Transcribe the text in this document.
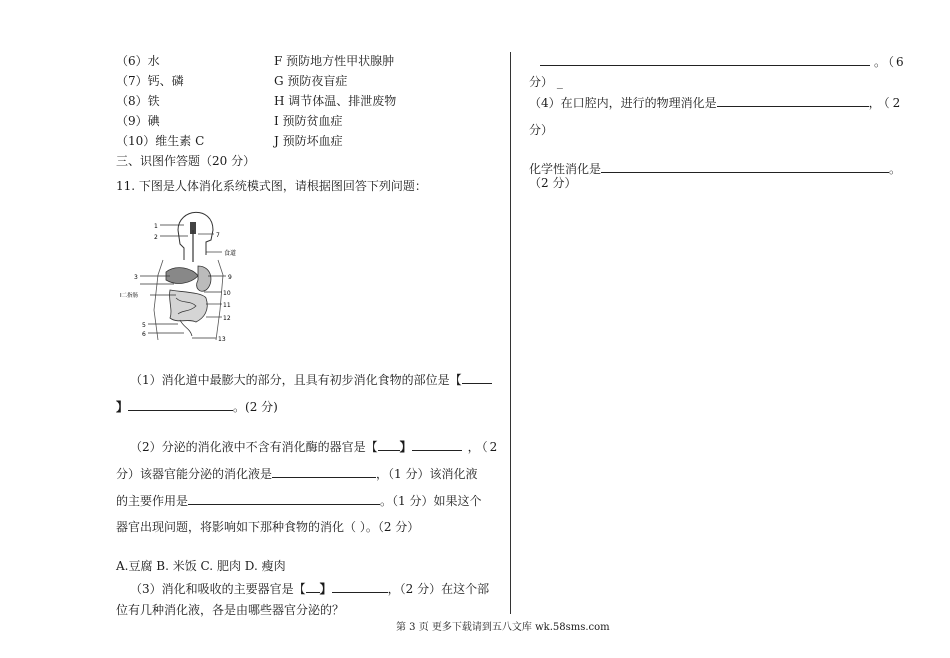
（6）水	F 预防地方性甲状腺肿
（7）钙、磷	G 预防夜盲症
（8）铁	H 调节体温、排泄废物
（9）碘	I 预防贫血症
（10）维生素 C	J 预防坏血症
三、识图作答题（20 分）
11. 下图是人体消化系统模式图，请根据图回答下列问题：
1
2	7
食道
3	9
I二指肠	10
11
12
5
6
13
（1）消化道中最膨大的部分，且具有初步消化食物的部位是【
】	。(2 分)
（2）分泌的消化液中不含有消化酶的器官是【 】	，（2
分）该器官能分泌的消化液是	，（1 分）该消化液
的主要作用是	。（1 分）如果这个
器官出现问题，将影响如下那种食物的消化（ ）。（2 分）
A.豆腐 B. 米饭 C. 肥肉 D. 瘦肉
（3）消化和吸收的主要器官是【 】	，（2 分）在这个部
位有几种消化液，各是由哪些器官分泌的？
。（6
分） _
（4）在口腔内，进行的物理消化是	，（2
分）
化学性消化是	。
（2 分）
第 3 页 更多下载请到五八文库 wk.58sms.com
